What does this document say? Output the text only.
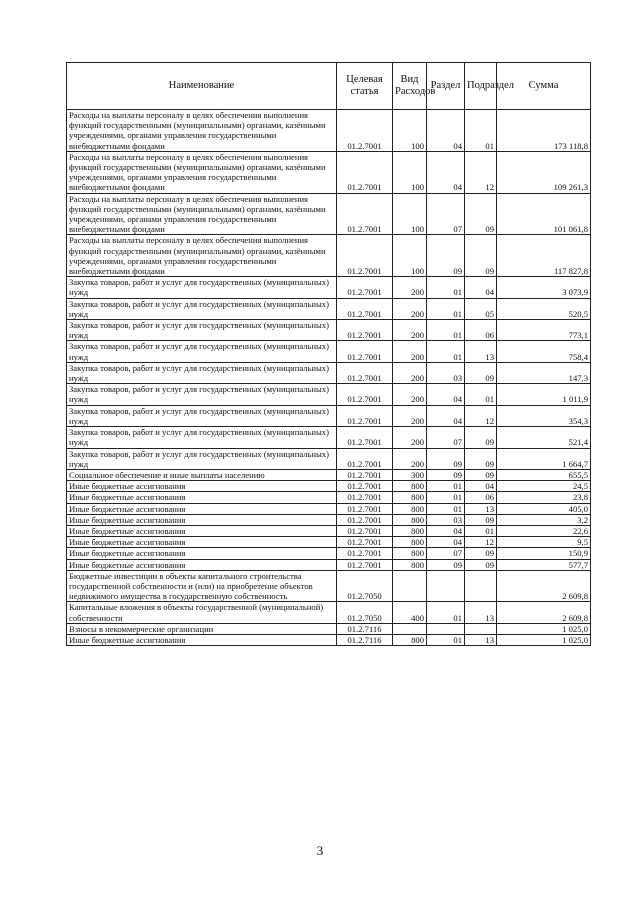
Наименование	Целевая статья	Вид Расходов	Раздел	Подраздел	Сумма
Расходы на выплаты персоналу в целях обеспечения выполнения функций государственными (муниципальными) органами, казёнными учреждениями, органами управления государственными внебюджетными фондами	01.2.7001	100	04	01	173 118,8
Расходы на выплаты персоналу в целях обеспечения выполнения функций государственными (муниципальными) органами, казёнными учреждениями, органами управления государственными внебюджетными фондами	01.2.7001	100	04	12	109 261,3
Расходы на выплаты персоналу в целях обеспечения выполнения функций государственными (муниципальными) органами, казёнными учреждениями, органами управления государственными внебюджетными фондами	01.2.7001	100	07	09	101 061,8
Расходы на выплаты персоналу в целях обеспечения выполнения функций государственными (муниципальными) органами, казёнными учреждениями, органами управления государственными внебюджетными фондами	01.2.7001	100	09	09	117 827,8
Закупка товаров, работ и услуг для государственных (муниципальных) нужд	01.2.7001	200	01	04	3 073,9
Закупка товаров, работ и услуг для государственных (муниципальных) нужд	01.2.7001	200	01	05	520,5
Закупка товаров, работ и услуг для государственных (муниципальных) нужд	01.2.7001	200	01	06	773,1
Закупка товаров, работ и услуг для государственных (муниципальных) нужд	01.2.7001	200	01	13	758,4
Закупка товаров, работ и услуг для государственных (муниципальных) нужд	01.2.7001	200	03	09	147,3
Закупка товаров, работ и услуг для государственных (муниципальных) нужд	01.2.7001	200	04	01	1 011,9
Закупка товаров, работ и услуг для государственных (муниципальных) нужд	01.2.7001	200	04	12	354,3
Закупка товаров, работ и услуг для государственных (муниципальных) нужд	01.2.7001	200	07	09	521,4
Закупка товаров, работ и услуг для государственных (муниципальных) нужд	01.2.7001	200	09	09	1 664,7
Социальное обеспечение и иные выплаты населению	01.2.7001	300	09	09	655,5
Иные бюджетные ассигнования	01.2.7001	800	01	04	24,5
Иные бюджетные ассигнования	01.2.7001	800	01	06	23,8
Иные бюджетные ассигнования	01.2.7001	800	01	13	405,0
Иные бюджетные ассигнования	01.2.7001	800	03	09	3,2
Иные бюджетные ассигнования	01.2.7001	800	04	01	22,6
Иные бюджетные ассигнования	01.2.7001	800	04	12	9,5
Иные бюджетные ассигнования	01.2.7001	800	07	09	150,9
Иные бюджетные ассигнования	01.2.7001	800	09	09	577,7
Бюджетные инвестиции в объекты капитального строительства государственной собственности и (или) на приобретение объектов недвижимого имущества в государственную собственность	01.2.7050				2 609,8
Капитальные вложения в объекты государственной (муниципальной) собственности	01.2.7050	400	01	13	2 609,8
Взносы в некоммерческие организации	01.2.7116				1 025,0
Иные бюджетные ассигнования	01.2.7116	800	01	13	1 025,0
3
